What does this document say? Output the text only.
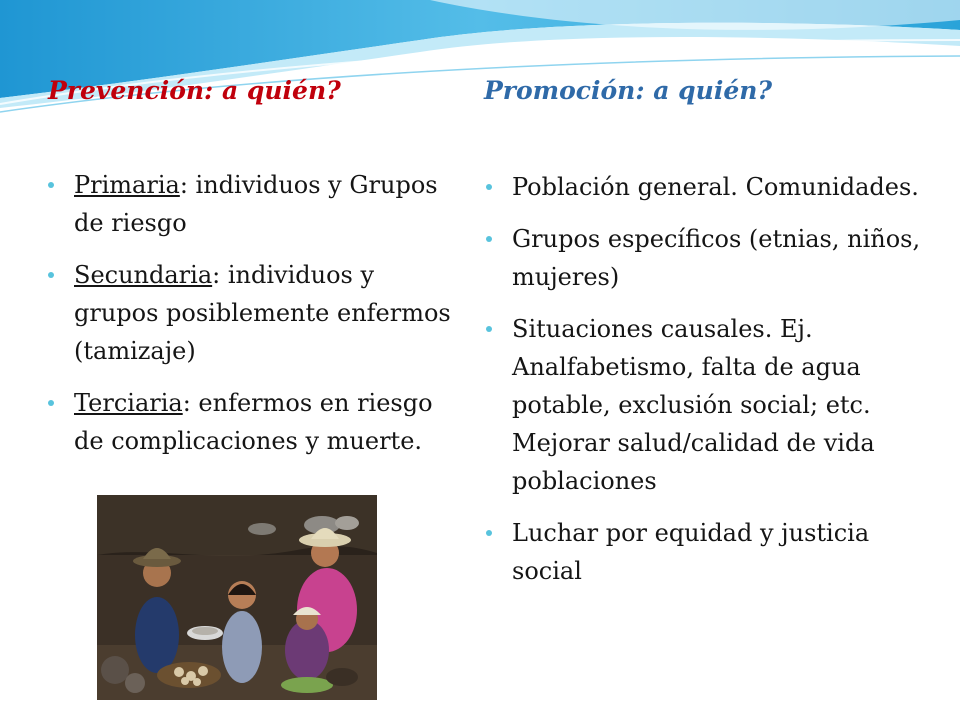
Prevención: a quién?	Promoción: a quién?
Primaria: individuos y Grupos de riesgo
Secundaria: individuos y grupos posiblemente enfermos (tamizaje)
Terciaria: enfermos en riesgo de complicaciones y muerte.
Población general. Comunidades.
Grupos específicos (etnias, niños, mujeres)
Situaciones causales. Ej. Analfabetismo, falta de agua potable, exclusión social; etc. Mejorar salud/calidad de vida poblaciones
Luchar por equidad y justicia social
